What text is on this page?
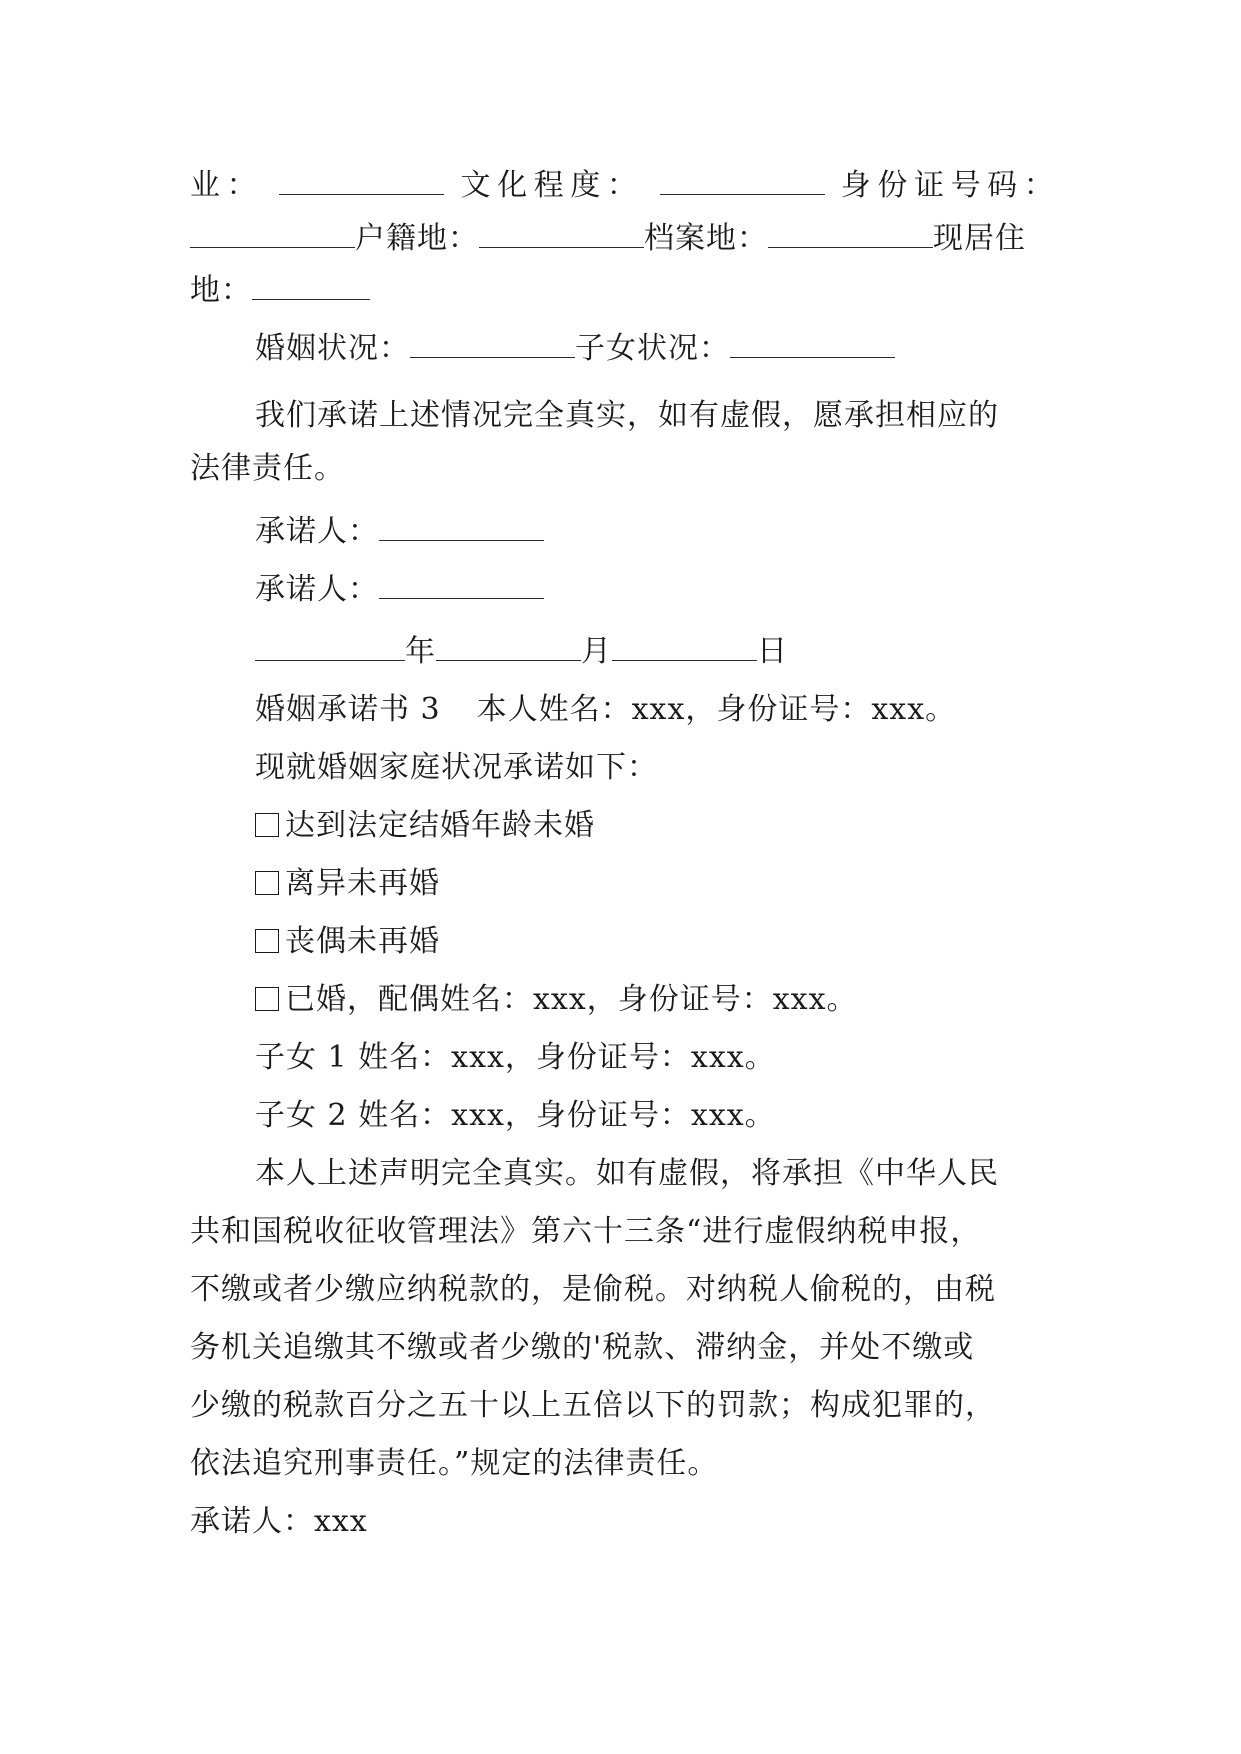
业：	文化程度：	身份证号码：
户籍地：	档案地：	现居住
地：
婚姻状况：	子女状况：
我们承诺上述情况完全真实，如有虚假，愿承担相应的
法律责任。
承诺人：
承诺人：
年	月	日
婚姻承诺书 3 本人姓名：xxx，身份证号：xxx。
现就婚姻家庭状况承诺如下：
达到法定结婚年龄未婚
离异未再婚
丧偶未再婚
已婚，配偶姓名：xxx，身份证号：xxx。
子女 1 姓名：xxx，身份证号：xxx。
子女 2 姓名：xxx，身份证号：xxx。
本人上述声明完全真实。如有虚假，将承担《中华人民
共和国税收征收管理法》第六十三条“进行虚假纳税申报，
不缴或者少缴应纳税款的，是偷税。对纳税人偷税的，由税
务机关追缴其不缴或者少缴的'税款、滞纳金，并处不缴或
少缴的税款百分之五十以上五倍以下的罚款；构成犯罪的，
依法追究刑事责任。”规定的法律责任。
承诺人：xxx
